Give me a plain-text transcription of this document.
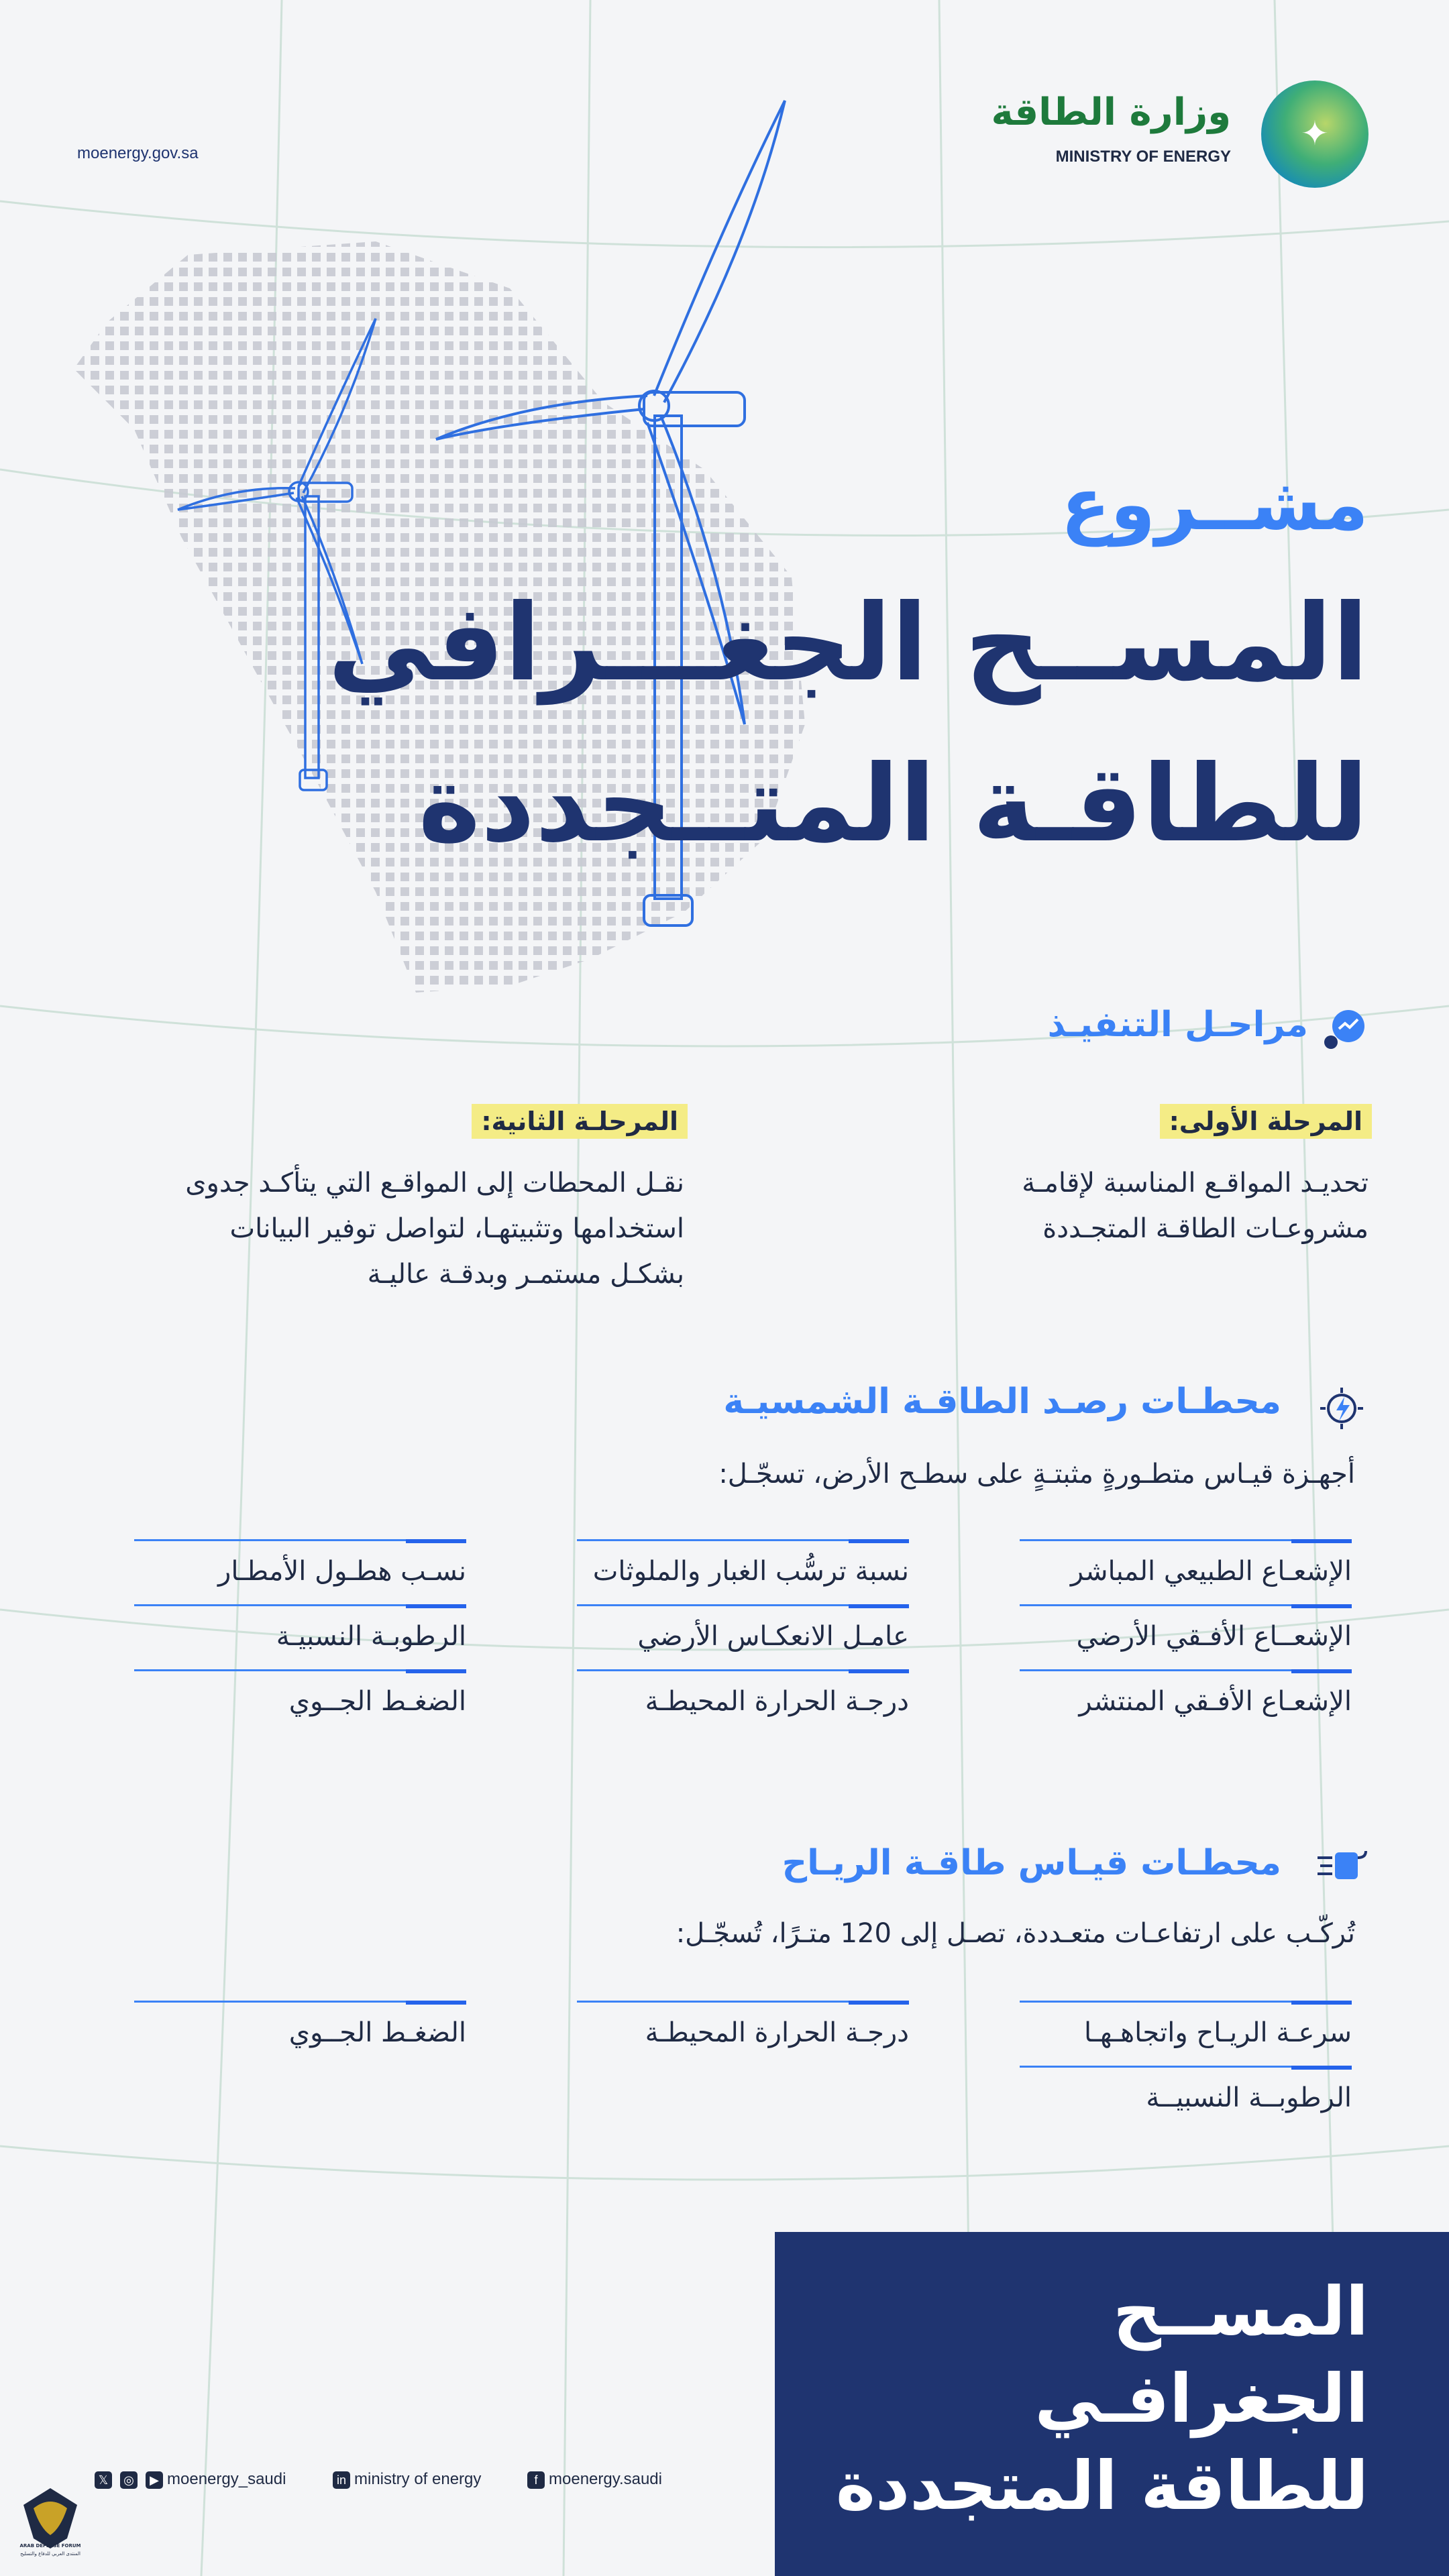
moenergy.gov.sa
✦
وزارة الطاقة
MINISTRY OF ENERGY
مشــروع
المســح الجغـــرافي
للطاقـة المتــجددة
مراحـل التنفيـذ
المرحلة الأولى:
تحديـد المواقـع المناسبة لإقامـة
مشروعـات الطاقـة المتجـددة
المرحلـة الثانية:
نقـل المحطات إلى المواقـع التي يتأكـد جدوى
استخدامها وتثبيتهـا، لتواصل توفير البيانات
بشكـل مستمـر وبدقـة عاليـة
محطـات رصـد الطاقـة الشمسيـة
أجهـزة قيـاس متطـورةٍ مثبتـةٍ على سطـح الأرض، تسجّـل:
الإشعـاع الطبيعي المباشر
نسبة ترسُّب الغبار والملوثات
نسـب هطـول الأمطـار
الإشعــاع الأفـقي الأرضي
عامـل الانعكـاس الأرضي
الرطوبـة النسبيـة
الإشعـاع الأفـقي المنتشر
درجـة الحرارة المحيطـة
الضغـط الجــوي
محطـات قيـاس طاقـة الريـاح
تُركّـب على ارتفاعـات متعـددة، تصـل إلى 120 متـرًا، تُسجّـل:
سرعـة الريـاح واتجاهـهـا
درجـة الحرارة المحيطـة
الضغـط الجــوي
الرطوبــة النسبيــة
المســح
الجغرافـي
للطاقة المتجددة
𝕏 ◎ ▶ moenergy_saudi	in ministry of energy	f moenergy.saudi
ARAB DEFENSE FORUM
المنتدى العربي للدفاع والتسليح
